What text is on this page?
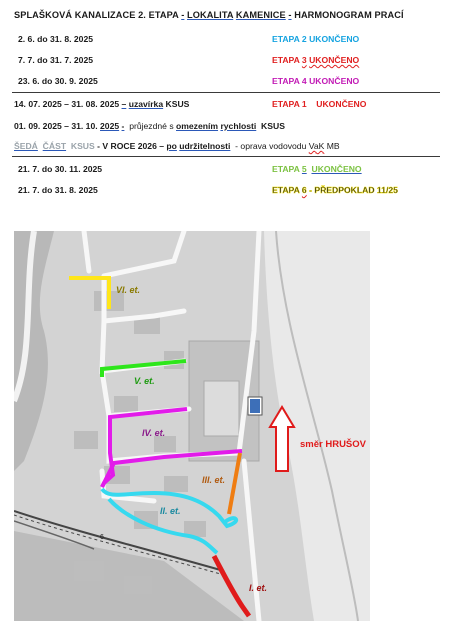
SPLAŠKOVÁ KANALIZACE 2. ETAPA - LOKALITA KAMENICE - HARMONOGRAM PRACÍ
2. 6. do 31. 8. 2025	ETAPA 2 UKONČENO
7. 7. do 31. 7. 2025	ETAPA 3 UKONČENO
23. 6. do 30. 9. 2025	ETAPA 4 UKONČENO
14. 07. 2025 – 31. 08. 2025 – uzavírka KSUS	ETAPA 1 UKONČENO
01. 09. 2025 – 31. 10. 2025 - průjezdné s omezením rychlosti KSUS
ŠEDÁ ČÁST KSUS - V ROCE 2026 – po udržitelnosti - oprava vodovodu VaK MB
21. 7. do 30. 11. 2025	ETAPA 5 UKONČENO
21. 7. do 31. 8. 2025	ETAPA 6 - PŘEDPOKLAD 11/25
VI. et.
V. et.
IV. et.
III. et.
II. et.
I. et.
směr HRUŠOV
6
